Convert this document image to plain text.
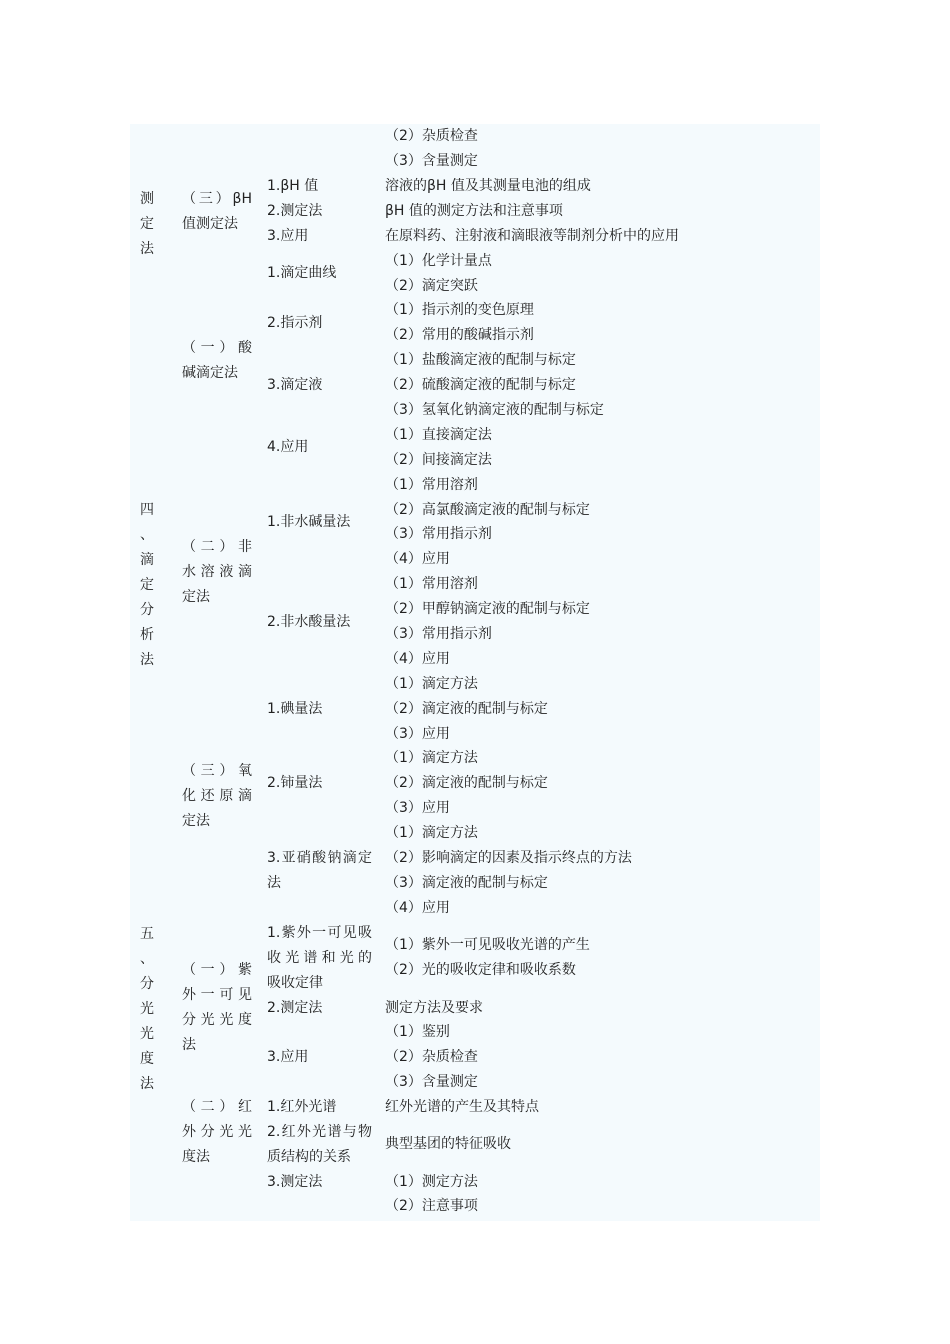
测
定
法
四
、
滴
定
分
析
法
五
、
分
光
光
度
法
（三）βH
值测定法
（一）酸
碱滴定法
（二）非
水溶液滴
定法
（三）氧
化还原滴
定法
（一）紫
外一可见
分光光度
法
（二）红
外分光光
度法
1.βH 值
2.测定法
3.应用
1.滴定曲线
2.指示剂
3.滴定液
4.应用
1.非水碱量法
2.非水酸量法
1.碘量法
2.铈量法
3.亚硝酸钠滴定
法
1.紫外一可见吸
收光谱和光的
吸收定律
2.测定法
3.应用
1.红外光谱
2.红外光谱与物
质结构的关系
3.测定法
（2）杂质检查
（3）含量测定
溶液的βH 值及其测量电池的组成
βH 值的测定方法和注意事项
在原料药、注射液和滴眼液等制剂分析中的应用
（1）化学计量点
（2）滴定突跃
（1）指示剂的变色原理
（2）常用的酸碱指示剂
（1）盐酸滴定液的配制与标定
（2）硫酸滴定液的配制与标定
（3）氢氧化钠滴定液的配制与标定
（1）直接滴定法
（2）间接滴定法
（1）常用溶剂
（2）高氯酸滴定液的配制与标定
（3）常用指示剂
（4）应用
（1）常用溶剂
（2）甲醇钠滴定液的配制与标定
（3）常用指示剂
（4）应用
（1）滴定方法
（2）滴定液的配制与标定
（3）应用
（1）滴定方法
（2）滴定液的配制与标定
（3）应用
（1）滴定方法
（2）影响滴定的因素及指示终点的方法
（3）滴定液的配制与标定
（4）应用
（1）紫外一可见吸收光谱的产生
（2）光的吸收定律和吸收系数
测定方法及要求
（1）鉴别
（2）杂质检查
（3）含量测定
红外光谱的产生及其特点
典型基团的特征吸收
（1）测定方法
（2）注意事项
